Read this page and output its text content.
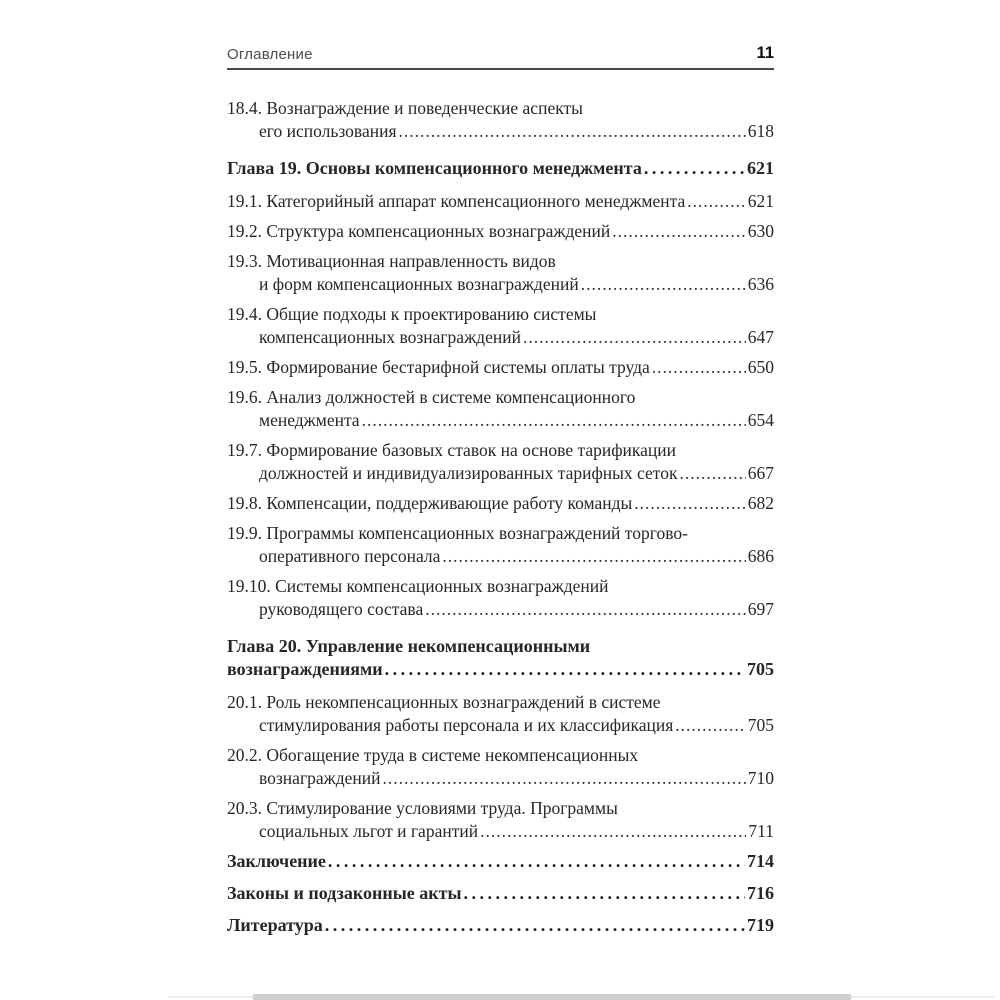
Оглавление	11
18.4. Вознаграждение и поведенческие аспекты
его использования .....	618
Глава 19. Основы компенсационного менеджмента .....	621
19.1. Категорийный аппарат компенсационного менеджмента .....	621
19.2. Структура компенсационных вознаграждений .....	630
19.3. Мотивационная направленность видов
и форм компенсационных вознаграждений .....	636
19.4. Общие подходы к проектированию системы
компенсационных вознаграждений .....	647
19.5. Формирование бестарифной системы оплаты труда .....	650
19.6. Анализ должностей в системе компенсационного
менеджмента .....	654
19.7. Формирование базовых ставок на основе тарификации
должностей и индивидуализированных тарифных сеток .....	667
19.8. Компенсации, поддерживающие работу команды .....	682
19.9. Программы компенсационных вознаграждений торгово-
оперативного персонала .....	686
19.10. Системы компенсационных вознаграждений
руководящего состава .....	697
Глава 20. Управление некомпенсационными
вознаграждениями .....	705
20.1. Роль некомпенсационных вознаграждений в системе
стимулирования работы персонала и их классификация .....	705
20.2. Обогащение труда в системе некомпенсационных
вознаграждений .....	710
20.3. Стимулирование условиями труда. Программы
социальных льгот и гарантий .....	711
Заключение .....	714
Законы и подзаконные акты .....	716
Литература .....	719
